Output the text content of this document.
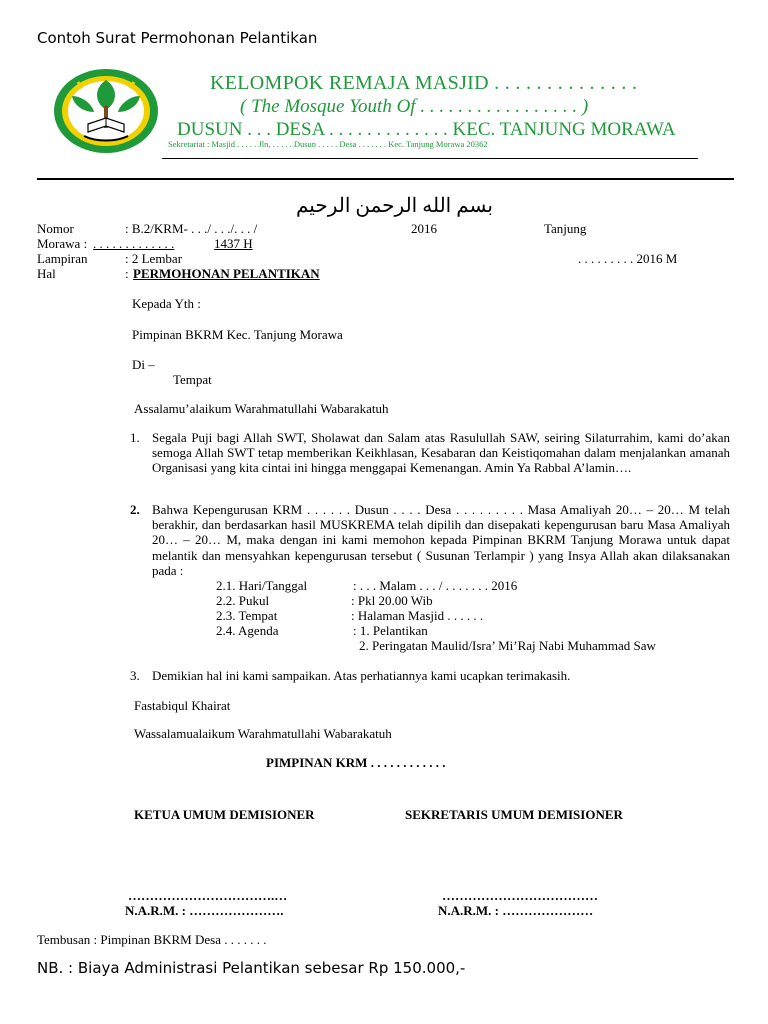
Contoh Surat Permohonan Pelantikan
KELOMPOK REMAJA MASJID . . . . . . . . . . . . . .
( The Mosque Youth Of . . . . . . . . . . . . . . . . . )
DUSUN . . . DESA . . . . . . . . . . . . . KEC. TANJUNG MORAWA
Sekretariat : Masjid . . . . . Jln, . . . . . Dusun . . . . . Desa . . . . . . . Kec. Tanjung Morawa 20362
بسم الله الرحمن الرحيم
Nomor	: B.2/KRM- . . ./ . . ./. . . /	2016	Tanjung
Morawa : . . . . . . . . . . . . .	1437 H
Lampiran	: 2 Lembar	. . . . . . . . . 2016 M
Hal	: PERMOHONAN PELANTIKAN
Kepada Yth :
Pimpinan BKRM Kec. Tanjung Morawa
Di –
Tempat
Assalamu’alaikum Warahmatullahi Wabarakatuh
1. Segala Puji bagi Allah SWT, Sholawat dan Salam atas Rasulullah SAW, seiring Silaturrahim, kami do’akan semoga Allah SWT tetap memberikan Keikhlasan, Kesabaran dan Keistiqomahan dalam menjalankan amanah Organisasi yang kita cintai ini hingga menggapai Kemenangan. Amin Ya Rabbal A’lamin….
2. Bahwa Kepengurusan KRM . . . . . . Dusun . . . . Desa . . . . . . . . . Masa Amaliyah 20… – 20… M telah berakhir, dan berdasarkan hasil MUSKREMA telah dipilih dan disepakati kepengurusan baru Masa Amaliyah 20… – 20… M, maka dengan ini kami memohon kepada Pimpinan BKRM Tanjung Morawa untuk dapat melantik dan mensyahkan kepengurusan tersebut ( Susunan Terlampir ) yang Insya Allah akan dilaksanakan pada :
2.1. Hari/Tanggal	: . . . Malam . . . / . . . . . . . 2016
2.2. Pukul	: Pkl 20.00 Wib
2.3. Tempat	: Halaman Masjid . . . . . .
2.4. Agenda	: 1. Pelantikan
2. Peringatan Maulid/Isra’ Mi’Raj Nabi Muhammad Saw
3. Demikian hal ini kami sampaikan. Atas perhatiannya kami ucapkan terimakasih.
Fastabiqul Khairat
Wassalamualaikum Warahmatullahi Wabarakatuh
PIMPINAN KRM . . . . . . . . . . . .
KETUA UMUM DEMISIONER	SEKRETARIS UMUM DEMISIONER
…………………………….…
N.A.R.M. : ………………….
………………………………
N.A.R.M. : …………………
Tembusan : Pimpinan BKRM Desa . . . . . . .
NB. : Biaya Administrasi Pelantikan sebesar Rp 150.000,-
